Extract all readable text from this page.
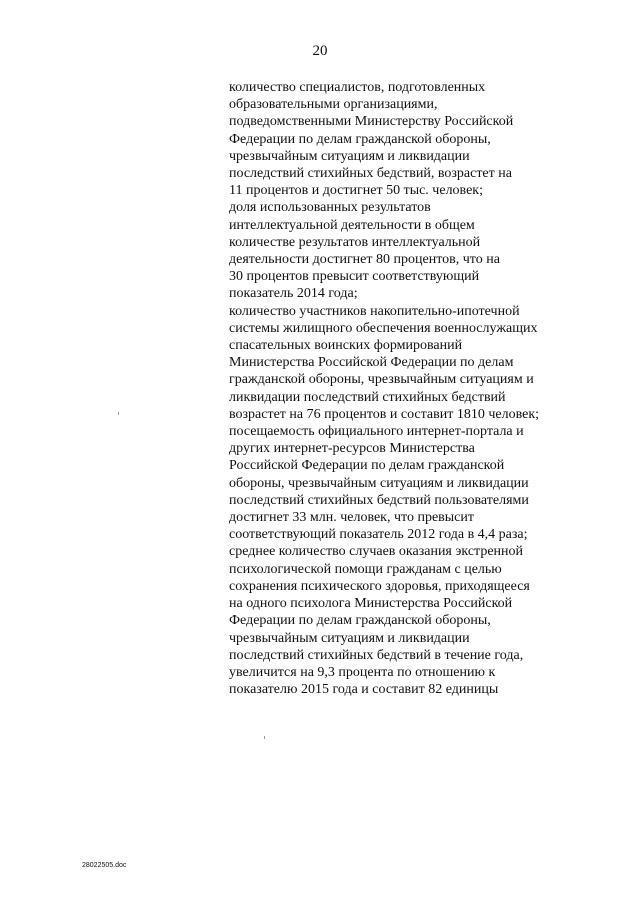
20
количество специалистов, подготовленных
образовательными организациями,
подведомственными Министерству Российской
Федерации по делам гражданской обороны,
чрезвычайным ситуациям и ликвидации
последствий стихийных бедствий, возрастет на
11 процентов и достигнет 50 тыс. человек;
доля использованных результатов
интеллектуальной деятельности в общем
количестве результатов интеллектуальной
деятельности достигнет 80 процентов, что на
30 процентов превысит соответствующий
показатель 2014 года;
количество участников накопительно-ипотечной
системы жилищного обеспечения военнослужащих
спасательных воинских формирований
Министерства Российской Федерации по делам
гражданской обороны, чрезвычайным ситуациям и
ликвидации последствий стихийных бедствий
возрастет на 76 процентов и составит 1810 человек;
посещаемость официального интернет-портала и
других интернет-ресурсов Министерства
Российской Федерации по делам гражданской
обороны, чрезвычайным ситуациям и ликвидации
последствий стихийных бедствий пользователями
достигнет 33 млн. человек, что превысит
соответствующий показатель 2012 года в 4,4 раза;
среднее количество случаев оказания экстренной
психологической помощи гражданам с целью
сохранения психического здоровья, приходящееся
на одного психолога Министерства Российской
Федерации по делам гражданской обороны,
чрезвычайным ситуациям и ликвидации
последствий стихийных бедствий в течение года,
увеличится на 9,3 процента по отношению к
показателю 2015 года и составит 82 единицы
28022505.doc
